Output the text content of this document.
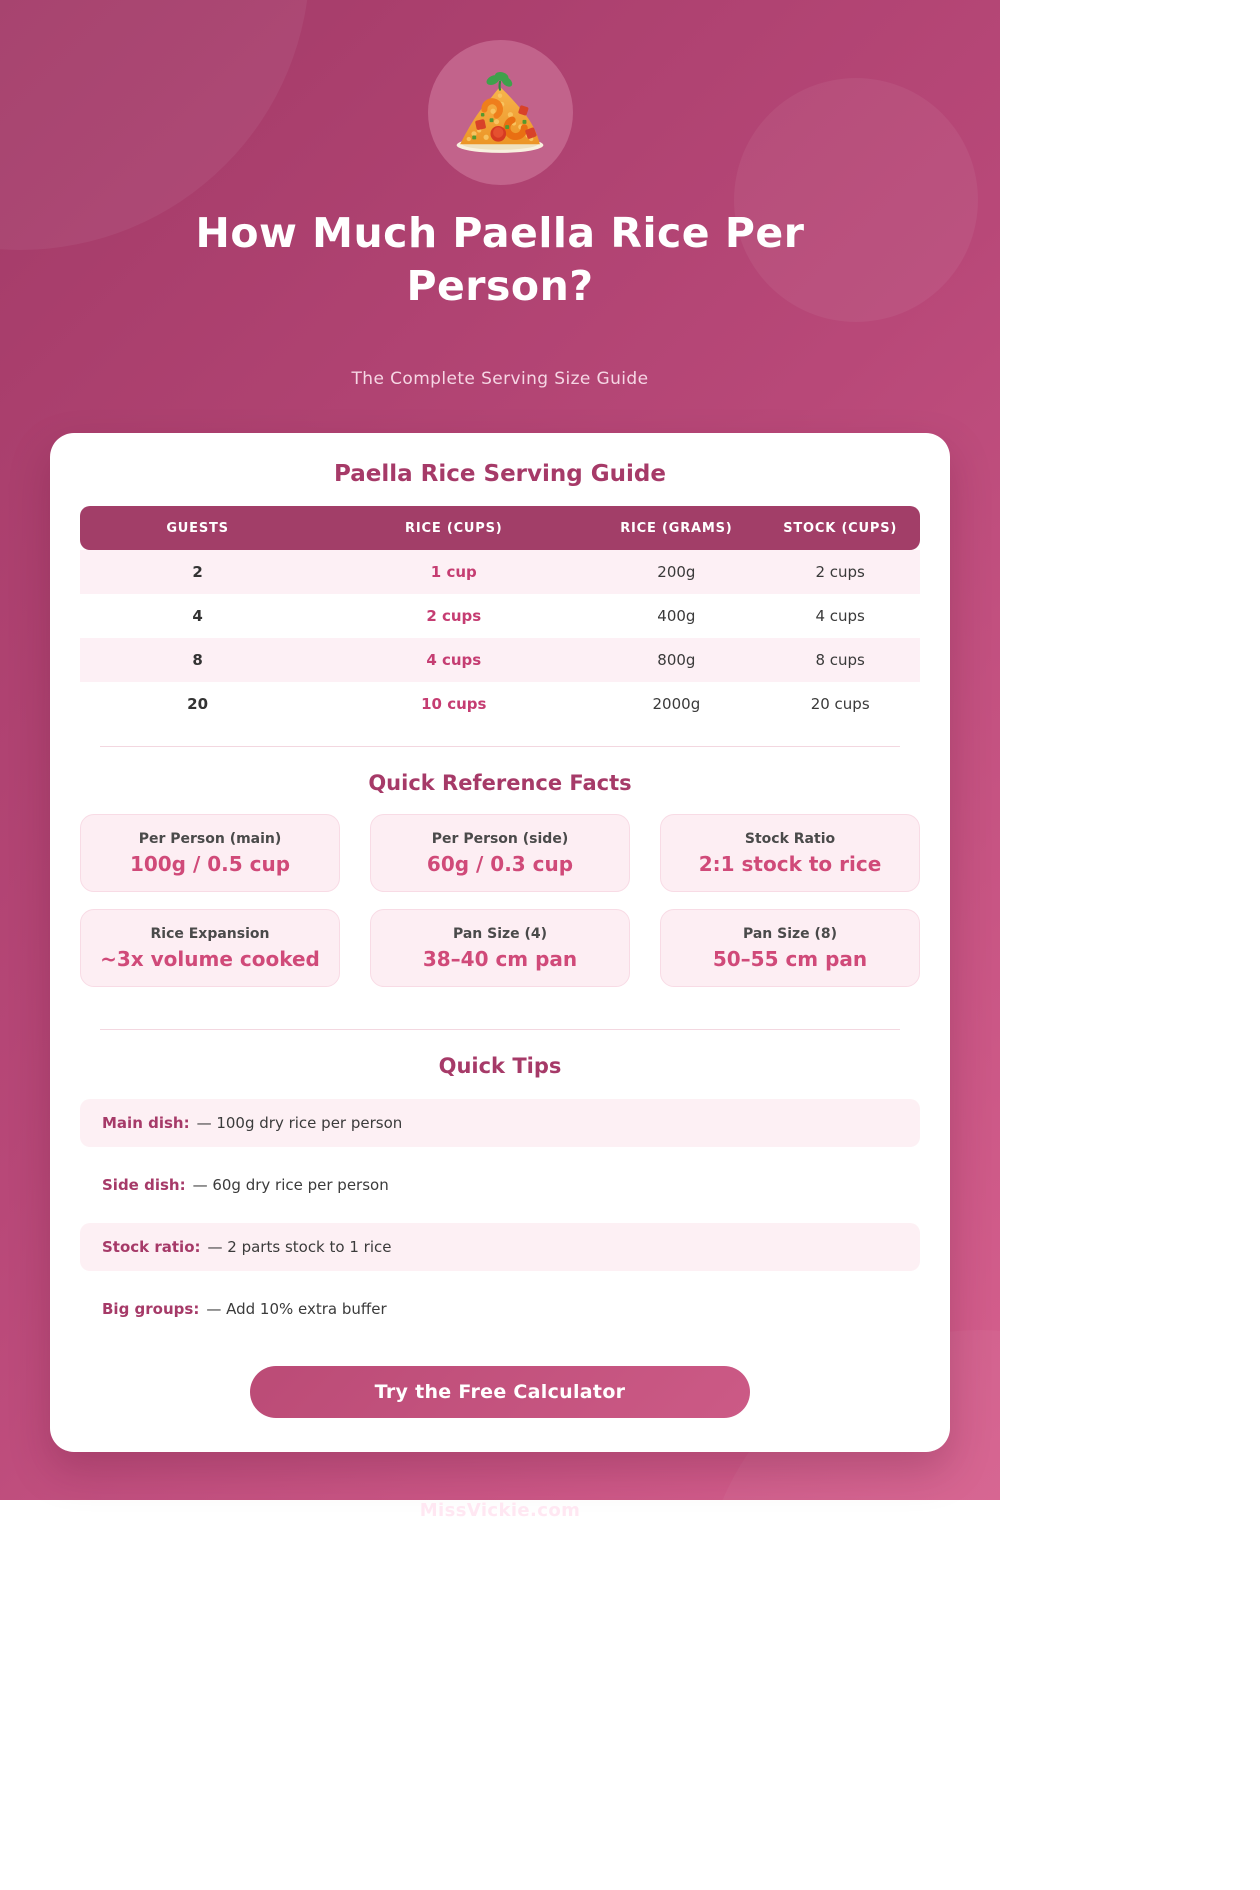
How Much Paella Rice Per
Person?

The Complete Serving Size Guide

Paella Rice Serving Guide
GUESTS	RICE (CUPS)	RICE (GRAMS)	STOCK (CUPS)
2	1 cup	200g	2 cups
4	2 cups	400g	4 cups
8	4 cups	800g	8 cups
20	10 cups	2000g	20 cups
Quick Reference Facts
Per Person (main)
100g / 0.5 cup
Per Person (side)
60g / 0.3 cup
Stock Ratio
2:1 stock to rice
Rice Expansion
~3x volume cooked
Pan Size (4)
38–40 cm pan
Pan Size (8)
50–55 cm pan
Quick Tips
Main dish: — 100g dry rice per person
Side dish: — 60g dry rice per person
Stock ratio: — 2 parts stock to 1 rice
Big groups: — Add 10% extra buffer
Try the Free Calculator
MissVickie.com
